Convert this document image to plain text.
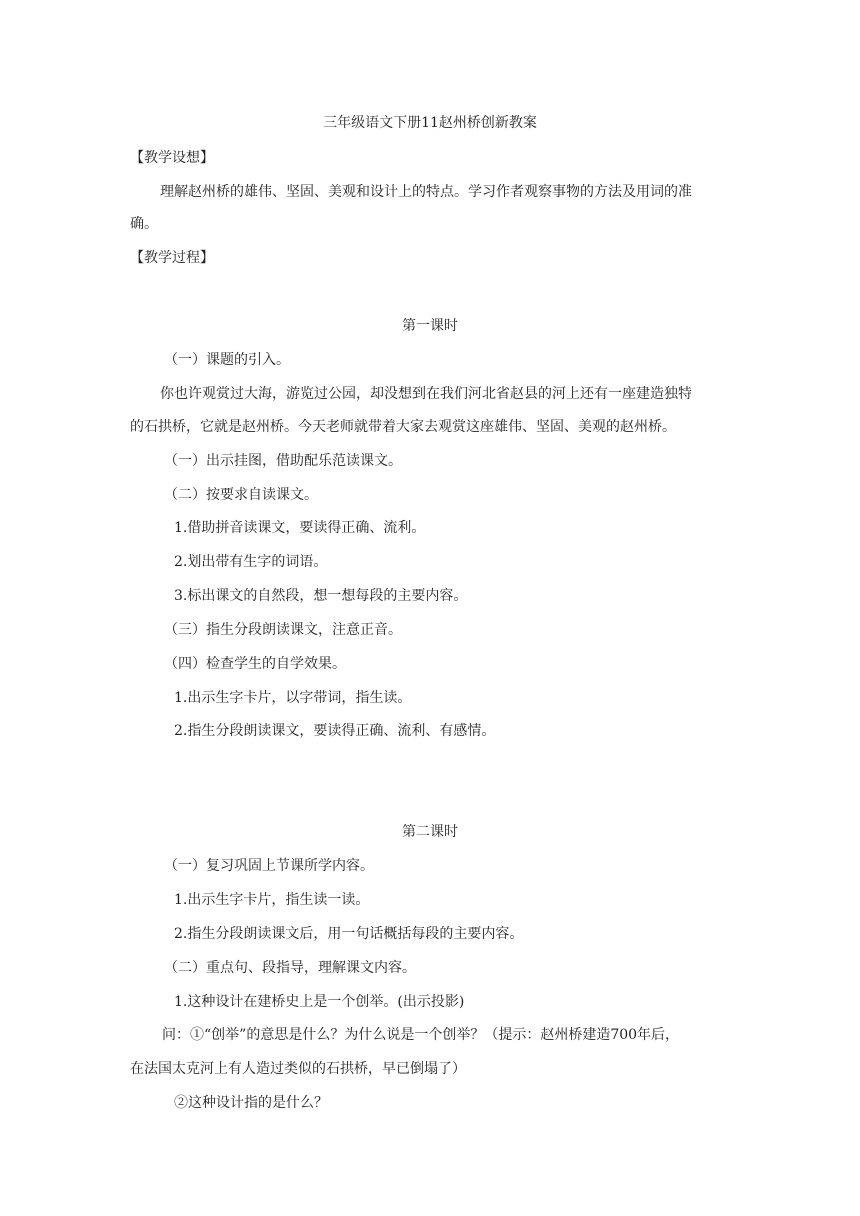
三年级语文下册11赵州桥创新教案
【教学设想】
理解赵州桥的雄伟、坚固、美观和设计上的特点。学习作者观察事物的方法及用词的准
确。
【教学过程】
第一课时
（一）课题的引入。
你也许观赏过大海，游览过公园，却没想到在我们河北省赵县的河上还有一座建造独特
的石拱桥，它就是赵州桥。今天老师就带着大家去观赏这座雄伟、坚固、美观的赵州桥。
（一）出示挂图，借助配乐范读课文。
（二）按要求自读课文。
1.借助拼音读课文，要读得正确、流利。
2.划出带有生字的词语。
3.标出课文的自然段，想一想每段的主要内容。
（三）指生分段朗读课文，注意正音。
（四）检查学生的自学效果。
1.出示生字卡片，以字带词，指生读。
2.指生分段朗读课文，要读得正确、流利、有感情。
第二课时
（一）复习巩固上节课所学内容。
1.出示生字卡片，指生读一读。
2.指生分段朗读课文后，用一句话概括每段的主要内容。
（二）重点句、段指导，理解课文内容。
1.这种设计在建桥史上是一个创举。(出示投影)
问：①“创举”的意思是什么？为什么说是一个创举？（提示：赵州桥建造700年后，
在法国太克河上有人造过类似的石拱桥，早已倒塌了）
②这种设计指的是什么？
